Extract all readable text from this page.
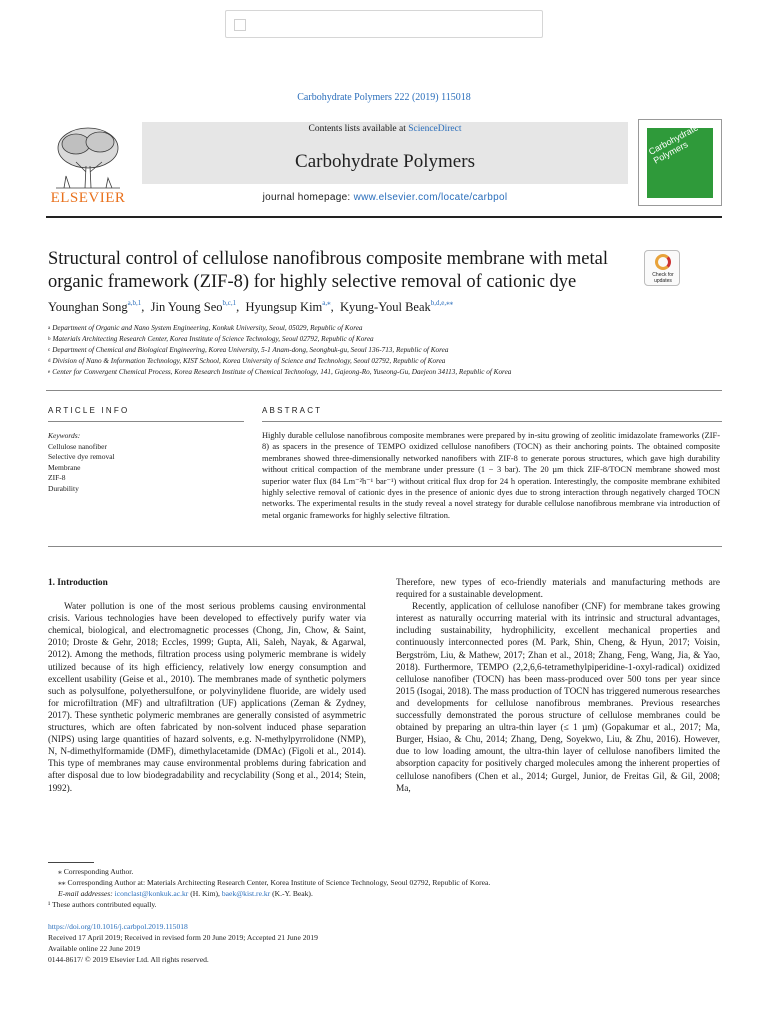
Carbohydrate Polymers 222 (2019) 115018
ELSEVIER
Contents lists available at ScienceDirect
Carbohydrate Polymers
journal homepage: www.elsevier.com/locate/carbpol
Carbohydrate Polymers
Structural control of cellulose nanofibrous composite membrane with metal organic framework (ZIF-8) for highly selective removal of cationic dye	Check for updates
Younghan Song$^{a,b,1}$,  Jin Young Seo$^{b,c,1}$,  Hyungsup Kim$^{a,⁎}$,  Kyung-Youl Beak$^{b,d,e,⁎⁎}$
$^a$ Department of Organic and Nano System Engineering, Konkuk University, Seoul, 05029, Republic of Korea
$^b$ Materials Architecting Research Center, Korea Institute of Science Technology, Seoul 02792, Republic of Korea
$^c$ Department of Chemical and Biological Engineering, Korea University, 5-1 Anam-dong, Seongbuk-gu, Seoul 136-713, Republic of Korea
$^d$ Division of Nano & Information Technology, KIST School, Korea University of Science and Technology, Seoul 02792, Republic of Korea
$^e$ Center for Convergent Chemical Process, Korea Research Institute of Chemical Technology, 141, Gajeong-Ro, Yuseong-Gu, Daejeon 34113, Republic of Korea
ARTICLE INFO	ABSTRACT
Keywords:
Cellulose nanofiber
Selective dye removal
Membrane
ZIF-8
Durability
Highly durable cellulose nanofibrous composite membranes were prepared by in-situ growing of zeolitic imidazolate frameworks (ZIF-8) as spacers in the presence of TEMPO oxidized cellulose nanofibers (TOCN) as their anchoring points. The obtained composite membranes showed three-dimensionally networked nanofibers with ZIF-8 to generate porous structures, which gave high durability without critical compaction of the membrane under pressure (1 − 3 bar). The 20 µm thick ZIF-8/TOCN membrane showed most superior water flux (84 Lm⁻²h⁻¹ bar⁻¹) without critical flux drop for 24 h operation. Interestingly, the composite membrane exhibited highly selective removal of cationic dyes in the presence of anionic dyes due to strong interaction through negatively charged TOCN networks. The experimental results in the study reveal a novel strategy for durable cellulose nanofibrous membrane via introduction of metal organic frameworks for highly selective filtration.
1. Introduction

Water pollution is one of the most serious problems causing environmental crisis. Various technologies have been developed to effectively purify water via chemical, biological, and electromagnetic processes (Chong, Jin, Chow, & Saint, 2010; Droste & Gehr, 2018; Eccles, 1999; Gupta, Ali, Saleh, Nayak, & Agarwal, 2012). Among the methods, filtration process using polymeric membrane is widely utilized because of its high efficiency, relatively low energy consumption and excellent usability (Geise et al., 2010). The membranes made of synthetic polymers such as polysulfone, polyethersulfone, or polyvinylidene fluoride, are widely used for microfiltration (MF) and ultrafiltration (UF) applications (Zeman & Zydney, 2017). These synthetic polymeric membranes are generally consisted of asymmetric structures, which are often fabricated by non-solvent induced phase separation (NIPS) using large quantities of hazard solvents, e.g. N-methylpyrrolidone (NMP), N, N-dimethylformamide (DMF), dimethylacetamide (DMAc) (Figoli et al., 2014). This type of membranes may cause environmental problems during fabrication and after disposal due to low biodegradability and recyclability (Song et al., 2014; Stein, 1992).

Therefore, new types of eco-friendly materials and manufacturing methods are required for a sustainable development.

Recently, application of cellulose nanofiber (CNF) for membrane takes growing interest as naturally occurring material with its intrinsic and structural advantages, including sustainability, hydrophilicity, excellent mechanical properties and continuously interconnected pores (M. Park, Shin, Cheng, & Hyun, 2017; Voisin, Bergström, Liu, & Mathew, 2017; Zhan et al., 2018; Zhang, Feng, Wang, Jia, & Yao, 2018). Furthermore, TEMPO (2,2,6,6-tetramethylpiperidine-1-oxyl-radical) oxidized cellulose nanofiber (TOCN) has been mass-produced over 500 tons per year since 2015 (Isogai, 2018). The mass production of TOCN has triggered numerous researches and developments for cellulose nanofibrous membranes. Previous researches successfully demonstrated the porous structure of cellulose membranes could be obtained by preparing an ultra-thin layer (≤ 1 µm) (Gopakumar et al., 2017; Ma, Burger, Hsiao, & Chu, 2014; Zhang, Deng, Soyekwo, Liu, & Zhu, 2016). However, due to low loading amount, the ultra-thin layer of cellulose nanofibers limited the absorption capacity for positively charged molecules among the inherent properties of cellulose nanofibers (Chen et al., 2014; Gurgel, Junior, de Freitas Gil, & Gil, 2008; Ma,

⁎ Corresponding Author.
⁎⁎ Corresponding Author at: Materials Architecting Research Center, Korea Institute of Science Technology, Seoul 02792, Republic of Korea.
E-mail addresses: iconclast@konkuk.ac.kr (H. Kim), baek@kist.re.kr (K.-Y. Beak).
¹ These authors contributed equally.
https://doi.org/10.1016/j.carbpol.2019.115018
Received 17 April 2019; Received in revised form 20 June 2019; Accepted 21 June 2019
Available online 22 June 2019
0144-8617/ © 2019 Elsevier Ltd. All rights reserved.
